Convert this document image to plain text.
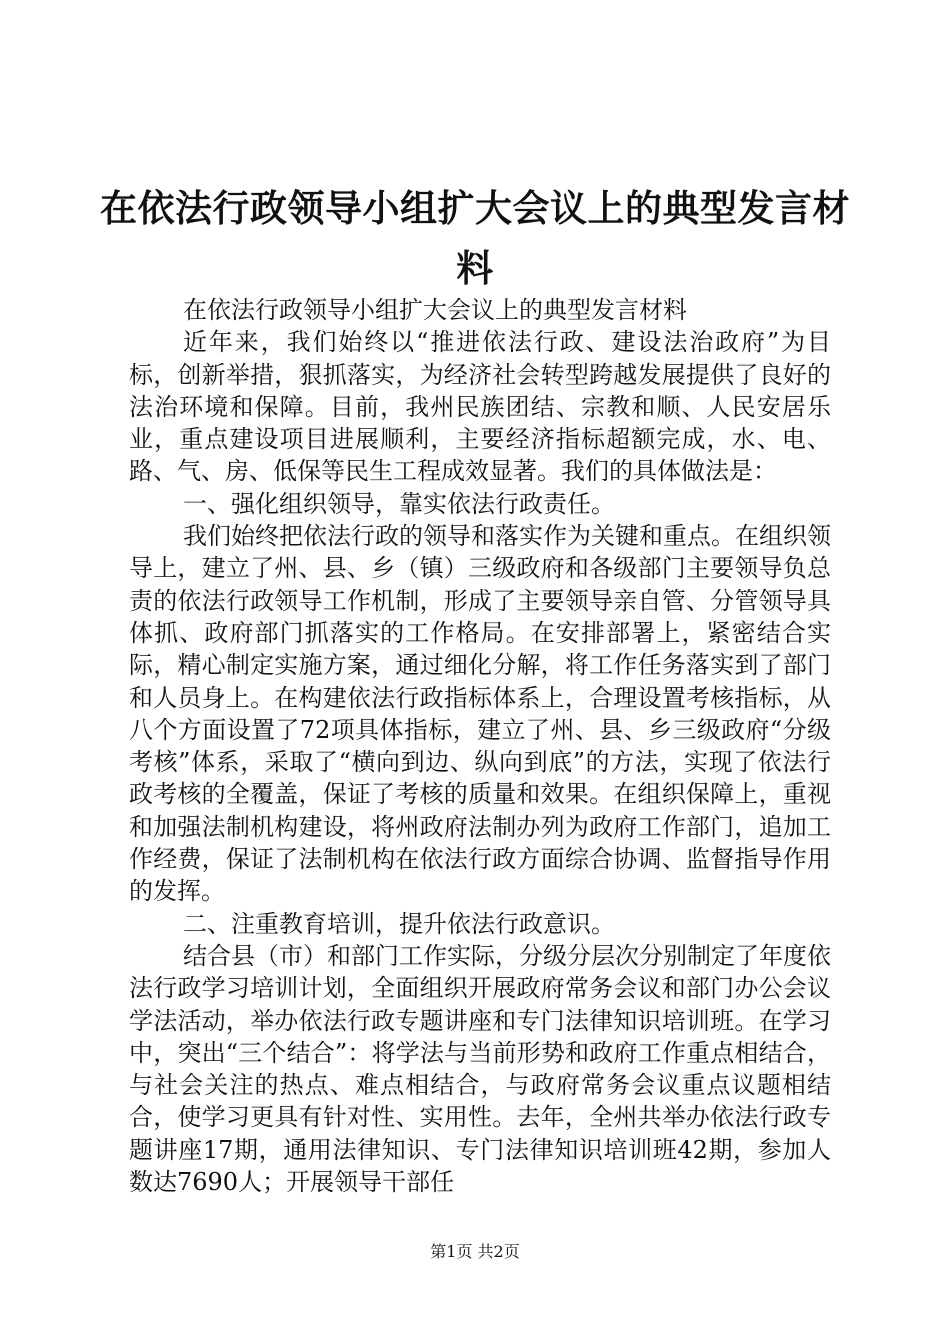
在依法行政领导小组扩大会议上的典型发言材料

在依法行政领导小组扩大会议上的典型发言材料

近年来，我们始终以“推进依法行政、建设法治政府”为目标，创新举措，狠抓落实，为经济社会转型跨越发展提供了良好的法治环境和保障。目前，我州民族团结、宗教和顺、人民安居乐业，重点建设项目进展顺利，主要经济指标超额完成，水、电、路、气、房、低保等民生工程成效显著。我们的具体做法是：

一、强化组织领导，靠实依法行政责任。

我们始终把依法行政的领导和落实作为关键和重点。在组织领导上，建立了州、县、乡（镇）三级政府和各级部门主要领导负总责的依法行政领导工作机制，形成了主要领导亲自管、分管领导具体抓、政府部门抓落实的工作格局。在安排部署上，紧密结合实际，精心制定实施方案，通过细化分解，将工作任务落实到了部门和人员身上。在构建依法行政指标体系上，合理设置考核指标，从八个方面设置了72项具体指标，建立了州、县、乡三级政府“分级考核”体系，采取了“横向到边、纵向到底”的方法，实现了依法行政考核的全覆盖，保证了考核的质量和效果。在组织保障上，重视和加强法制机构建设，将州政府法制办列为政府工作部门，追加工作经费，保证了法制机构在依法行政方面综合协调、监督指导作用的发挥。

二、注重教育培训，提升依法行政意识。

结合县（市）和部门工作实际，分级分层次分别制定了年度依法行政学习培训计划，全面组织开展政府常务会议和部门办公会议学法活动，举办依法行政专题讲座和专门法律知识培训班。在学习中，突出“三个结合”：将学法与当前形势和政府工作重点相结合，与社会关注的热点、难点相结合，与政府常务会议重点议题相结合，使学习更具有针对性、实用性。去年，全州共举办依法行政专题讲座17期，通用法律知识、专门法律知识培训班42期，参加人数达7690人；开展领导干部任

第1页 共2页
